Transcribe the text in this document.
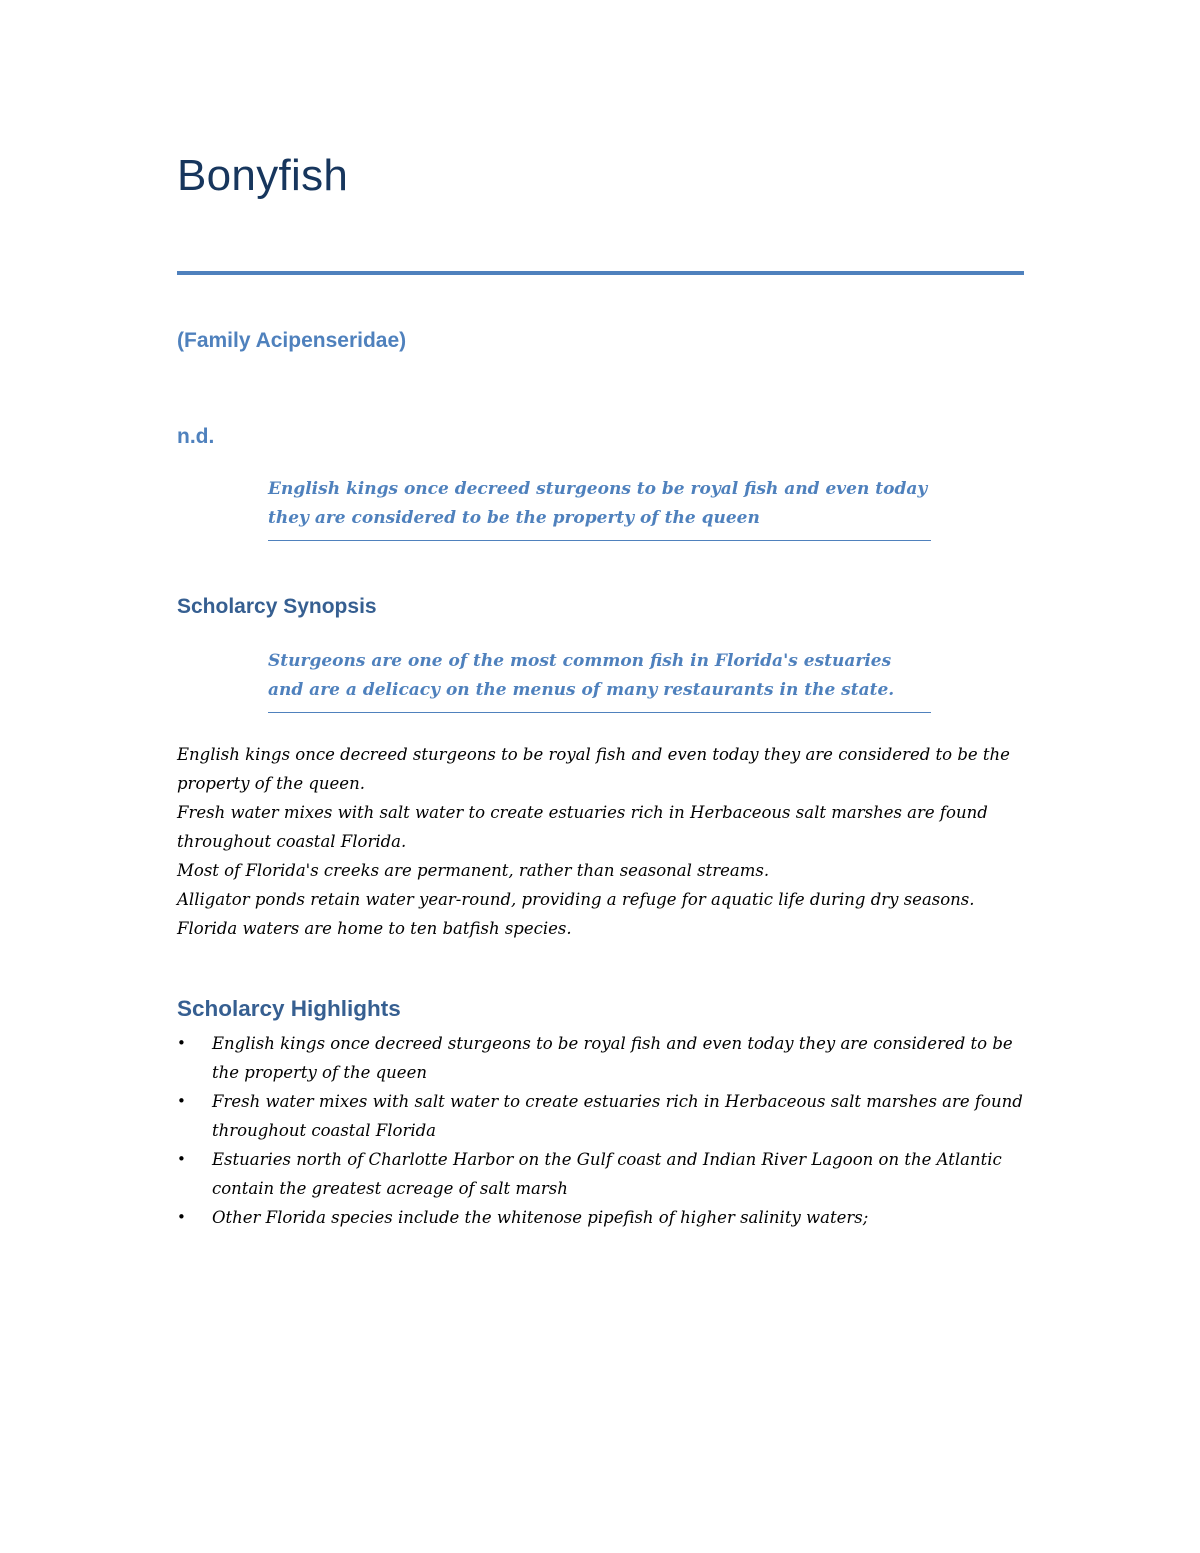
Bonyfish

(Family Acipenseridae)

n.d.

English kings once decreed sturgeons to be royal fish and even today they are considered to be the property of the queen

Scholarcy Synopsis

Sturgeons are one of the most common fish in Florida's estuaries and are a delicacy on the menus of many restaurants in the state.

English kings once decreed sturgeons to be royal fish and even today they are considered to be the property of the queen.
Fresh water mixes with salt water to create estuaries rich in Herbaceous salt marshes are found throughout coastal Florida.
Most of Florida's creeks are permanent, rather than seasonal streams.
Alligator ponds retain water year-round, providing a refuge for aquatic life during dry seasons.
Florida waters are home to ten batfish species.
Scholarcy Highlights
• English kings once decreed sturgeons to be royal fish and even today they are considered to be the property of the queen
• Fresh water mixes with salt water to create estuaries rich in Herbaceous salt marshes are found throughout coastal Florida
• Estuaries north of Charlotte Harbor on the Gulf coast and Indian River Lagoon on the Atlantic contain the greatest acreage of salt marsh
• Other Florida species include the whitenose pipefish of higher salinity waters;
